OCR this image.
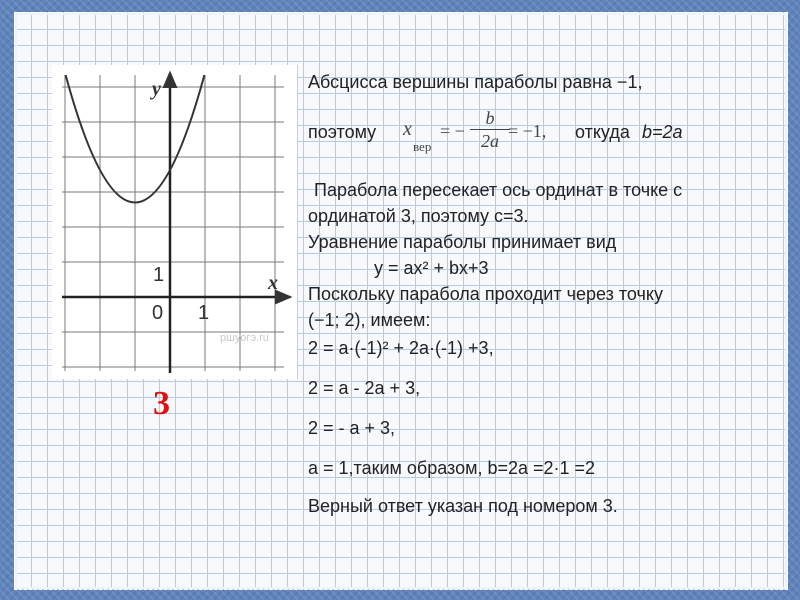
y
x
0 1
1
ршуогэ.ru
3
Абсцисса вершины параболы равна −1,
поэтому x
вер
= −
b
2a = −1, откуда b=2a
Парабола пересекает ось ординат в точке с
ординатой 3, поэтому c=3.
Уравнение параболы принимает вид
y = ax² + bx+3
Поскольку парабола проходит через точку
(−1; 2), имеем:
2 = a·(-1)² + 2a·(-1) +3,
2 = a - 2a + 3,
2 = - a + 3,
a = 1,таким образом, b=2a =2·1 =2
Верный ответ указан под номером 3.
